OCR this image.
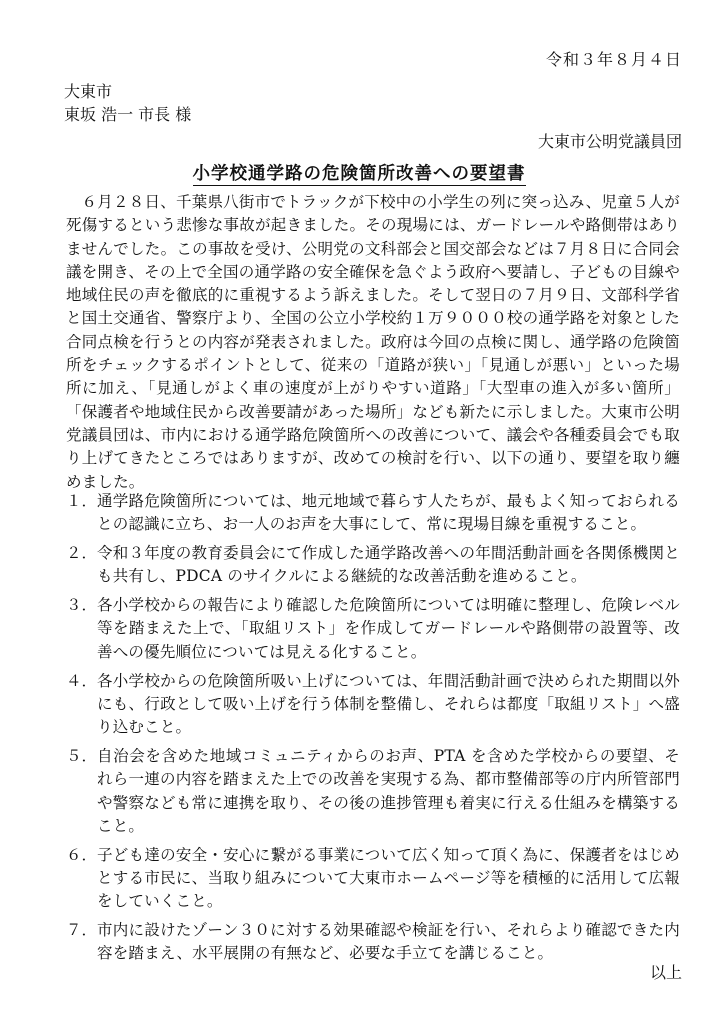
令和３年８月４日
大東市
東坂 浩一 市長 様
大東市公明党議員団
小学校通学路の危険箇所改善への要望書
６月２８日、千葉県八街市でトラックが下校中の小学生の列に突っ込み、児童５人が死傷するという悲惨な事故が起きました。その現場には、ガードレールや路側帯はありませんでした。この事故を受け、公明党の文科部会と国交部会などは７月８日に合同会議を開き、その上で全国の通学路の安全確保を急ぐよう政府へ要請し、子どもの目線や地域住民の声を徹底的に重視するよう訴えました。そして翌日の７月９日、文部科学省と国土交通省、警察庁より、全国の公立小学校約１万９０００校の通学路を対象とした合同点検を行うとの内容が発表されました。政府は今回の点検に関し、通学路の危険箇所をチェックするポイントとして、従来の「道路が狭い」「見通しが悪い」といった場所に加え、「見通しがよく車の速度が上がりやすい道路」「大型車の進入が多い箇所」「保護者や地域住民から改善要請があった場所」なども新たに示しました。大東市公明党議員団は、市内における通学路危険箇所への改善について、議会や各種委員会でも取り上げてきたところではありますが、改めての検討を行い、以下の通り、要望を取り纏めました。
１． 通学路危険箇所については、地元地域で暮らす人たちが、最もよく知っておられるとの認識に立ち、お一人のお声を大事にして、常に現場目線を重視すること。
２． 令和３年度の教育委員会にて作成した通学路改善への年間活動計画を各関係機関とも共有し、PDCA のサイクルによる継続的な改善活動を進めること。
３． 各小学校からの報告により確認した危険箇所については明確に整理し、危険レベル等を踏まえた上で、「取組リスト」を作成してガードレールや路側帯の設置等、改善への優先順位については見える化すること。
４． 各小学校からの危険箇所吸い上げについては、年間活動計画で決められた期間以外にも、行政として吸い上げを行う体制を整備し、それらは都度「取組リスト」へ盛り込むこと。
５． 自治会を含めた地域コミュニティからのお声、PTA を含めた学校からの要望、それら一連の内容を踏まえた上での改善を実現する為、都市整備部等の庁内所管部門や警察なども常に連携を取り、その後の進捗管理も着実に行える仕組みを構築すること。
６． 子ども達の安全・安心に繋がる事業について広く知って頂く為に、保護者をはじめとする市民に、当取り組みについて大東市ホームページ等を積極的に活用して広報をしていくこと。
７． 市内に設けたゾーン３０に対する効果確認や検証を行い、それらより確認できた内容を踏まえ、水平展開の有無など、必要な手立てを講じること。
以上
